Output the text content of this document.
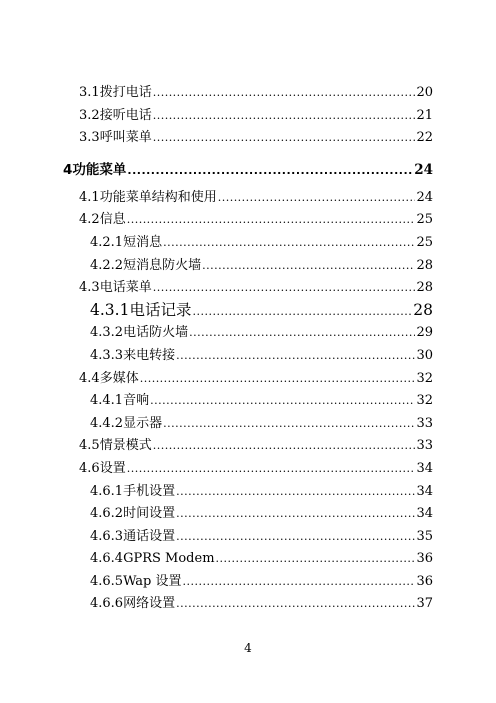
3.1 拨打电话 .....	20
3.2 接听电话 .....	21
3.3 呼叫菜单 .....	22
4 功能菜单 .....	24
4.1 功能菜单结构和使用 .....	24
4.2 信息 .....	25
4.2.1 短消息 .....	25
4.2.2 短消息防火墙 .....	28
4.3 电话菜单 .....	28
4.3.1 电话记录 .....	28
4.3.2 电话防火墙 .....	29
4.3.3 来电转接 .....	30
4.4 多媒体 .....	32
4.4.1 音响 .....	32
4.4.2 显示器 .....	33
4.5 情景模式 .....	33
4.6 设置 .....	34
4.6.1 手机设置 .....	34
4.6.2 时间设置 .....	34
4.6.3 通话设置 .....	35
4.6.4 GPRS Modem .....	36
4.6.5 Wap 设置 .....	36
4.6.6 网络设置 .....	37
4
